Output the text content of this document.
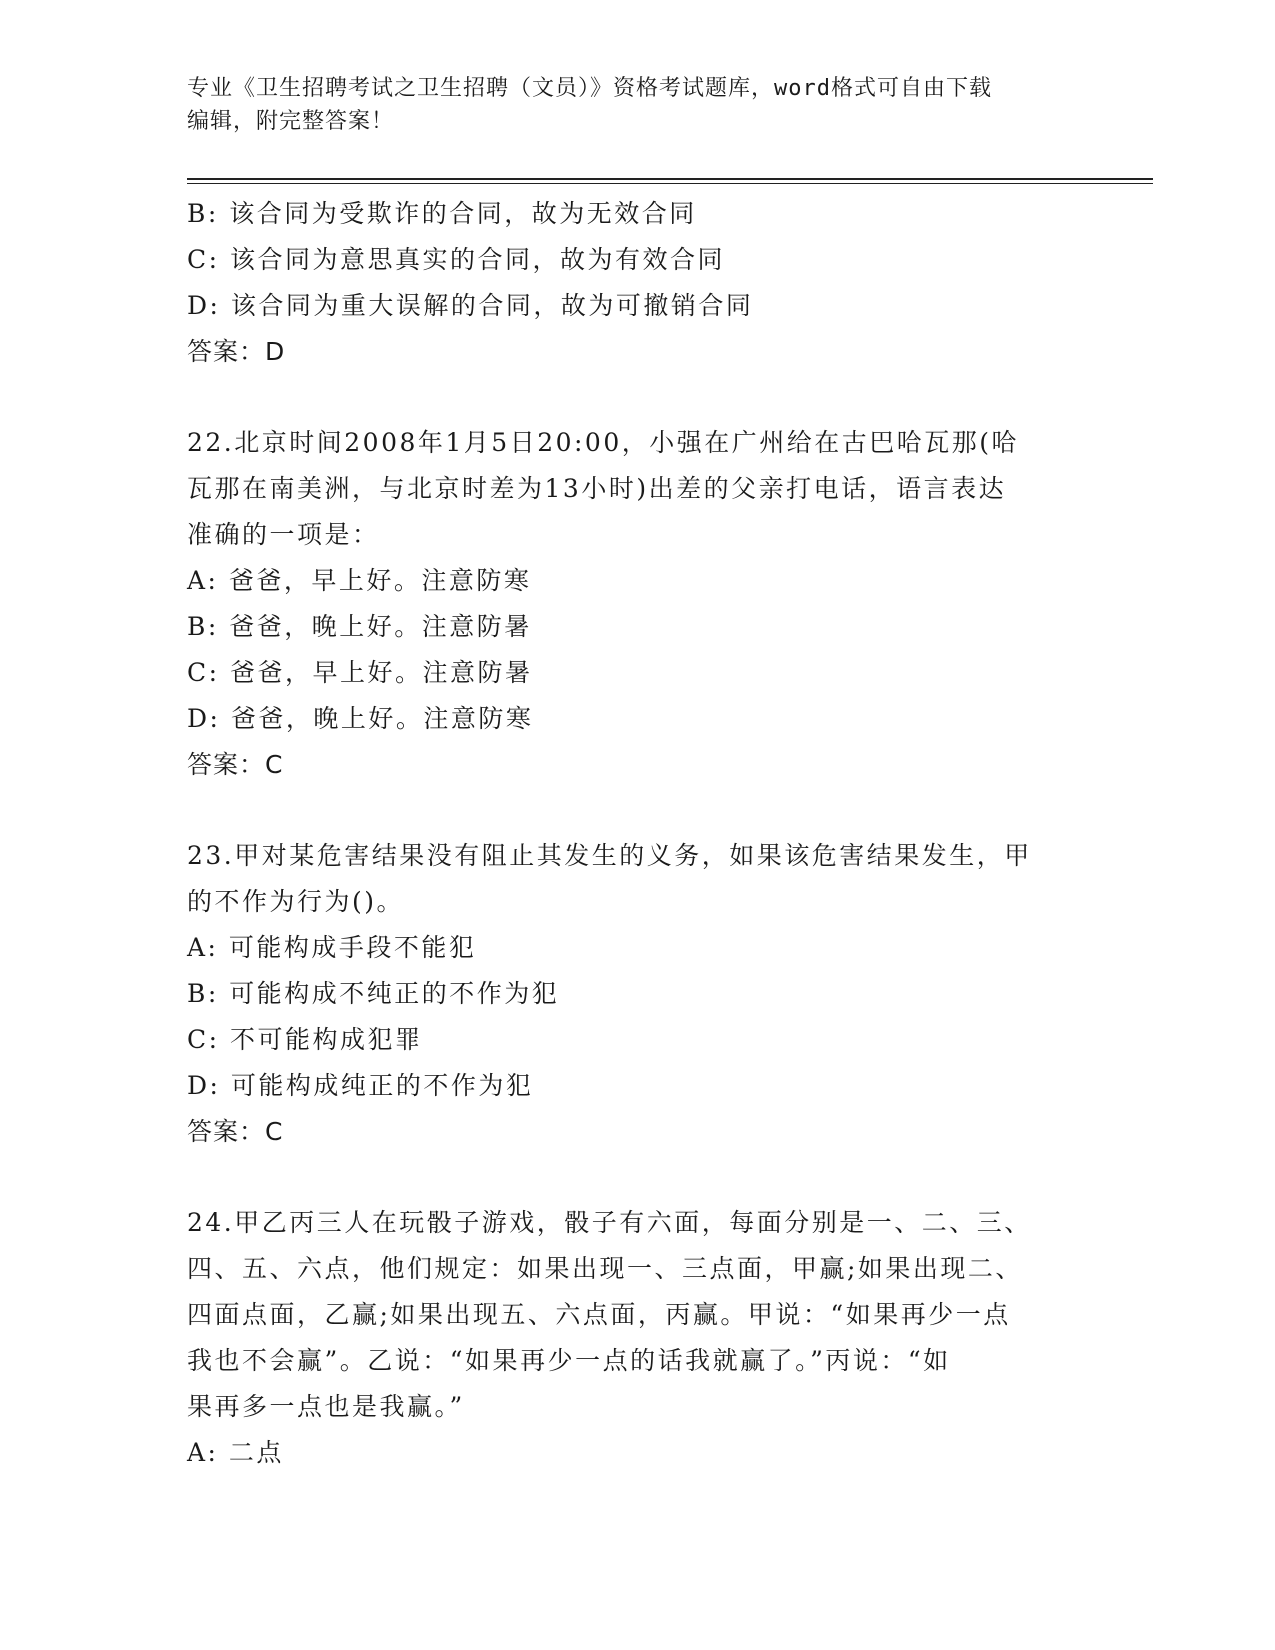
专业《卫生招聘考试之卫生招聘（文员）》资格考试题库，word格式可自由下载
编辑，附完整答案！
B: 该合同为受欺诈的合同，故为无效合同
C: 该合同为意思真实的合同，故为有效合同
D: 该合同为重大误解的合同，故为可撤销合同
答案：D
22.北京时间2008年1月5日20:00，小强在广州给在古巴哈瓦那(哈
瓦那在南美洲，与北京时差为13小时)出差的父亲打电话，语言表达
准确的一项是：
A: 爸爸，早上好。注意防寒
B: 爸爸，晚上好。注意防暑
C: 爸爸，早上好。注意防暑
D: 爸爸，晚上好。注意防寒
答案：C
23.甲对某危害结果没有阻止其发生的义务，如果该危害结果发生，甲
的不作为行为()。
A: 可能构成手段不能犯
B: 可能构成不纯正的不作为犯
C: 不可能构成犯罪
D: 可能构成纯正的不作为犯
答案：C
24.甲乙丙三人在玩骰子游戏，骰子有六面，每面分别是一、二、三、
四、五、六点，他们规定：如果出现一、三点面，甲赢;如果出现二、
四面点面，乙赢;如果出现五、六点面，丙赢。甲说：“如果再少一点
我也不会赢”。乙说：“如果再少一点的话我就赢了。”丙说：“如
果再多一点也是我赢。”
A: 二点
